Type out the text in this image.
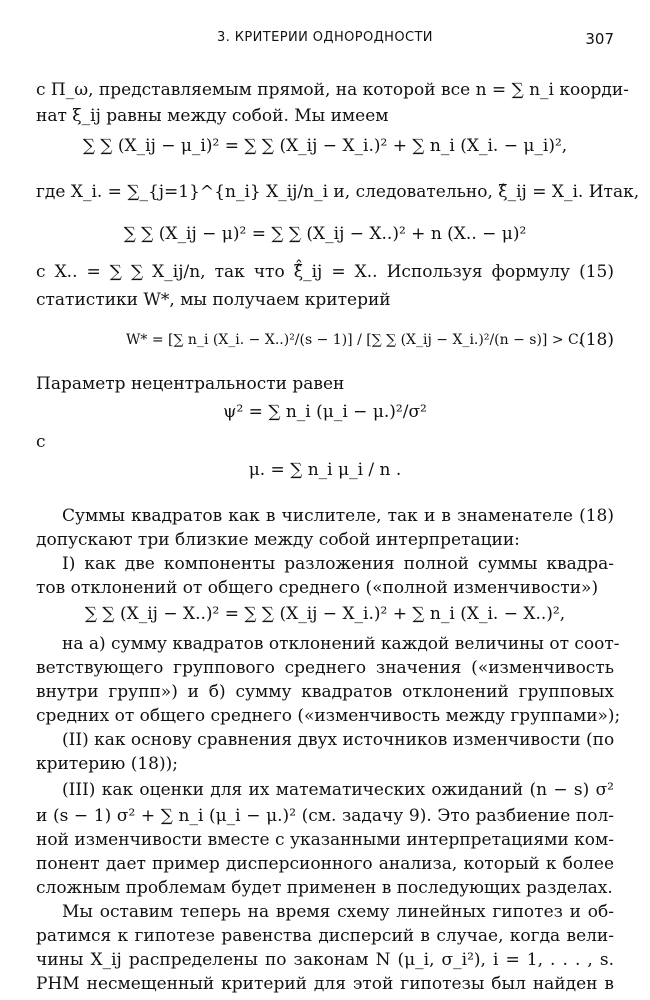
3. КРИТЕРИИ ОДНОРОДНОСТИ	307
с Π_ω, представляемым прямой, на которой все n = ∑ n_i коорди-
нат ξ_ij равны между собой. Мы имеем
∑ ∑ (X_ij − μ_i)² = ∑ ∑ (X_ij − X_i.)² + ∑ n_i (X_i. − μ_i)²,
где X_i. = ∑_{j=1}^{n_i} X_ij/n_i и, следовательно, ξ̂_ij = X_i. Итак,
∑ ∑ (X_ij − μ)² = ∑ ∑ (X_ij − X..)² + n (X.. − μ)²
с X.. = ∑ ∑ X_ij/n, так что ξ̂̂_ij = X.. Используя формулу (15)
статистики W*, мы получаем критерий
W* = [∑ n_i (X_i. − X..)²/(s − 1)] / [∑ ∑ (X_ij − X_i.)²/(n − s)] > C.
(18)
Параметр нецентральности равен
ψ² = ∑ n_i (μ_i − μ.)²/σ²
с
μ. = ∑ n_i μ_i / n .
Суммы квадратов как в числителе, так и в знаменателе (18)
допускают три близкие между собой интерпретации:
I) как две компоненты разложения полной суммы квадра-
тов отклонений от общего среднего («полной изменчивости»)
∑ ∑ (X_ij − X..)² = ∑ ∑ (X_ij − X_i.)² + ∑ n_i (X_i. − X..)²,
на а) сумму квадратов отклонений каждой величины от соот-
ветствующего группового среднего значения («изменчивость
внутри групп») и б) сумму квадратов отклонений групповых
средних от общего среднего («изменчивость между группами»);
(II) как основу сравнения двух источников изменчивости (по
критерию (18));
(III) как оценки для их математических ожиданий (n − s) σ²
и (s − 1) σ² + ∑ n_i (μ_i − μ.)² (см. задачу 9). Это разбиение пол-
ной изменчивости вместе с указанными интерпретациями ком-
понент дает пример дисперсионного анализа, который к более
сложным проблемам будет применен в последующих разделах.
Мы оставим теперь на время схему линейных гипотез и об-
ратимся к гипотезе равенства дисперсий в случае, когда вели-
чины X_ij распределены по законам N (μ_i, σ_i²), i = 1, . . . , s.
РНМ несмещенный критерий для этой гипотезы был найден в
